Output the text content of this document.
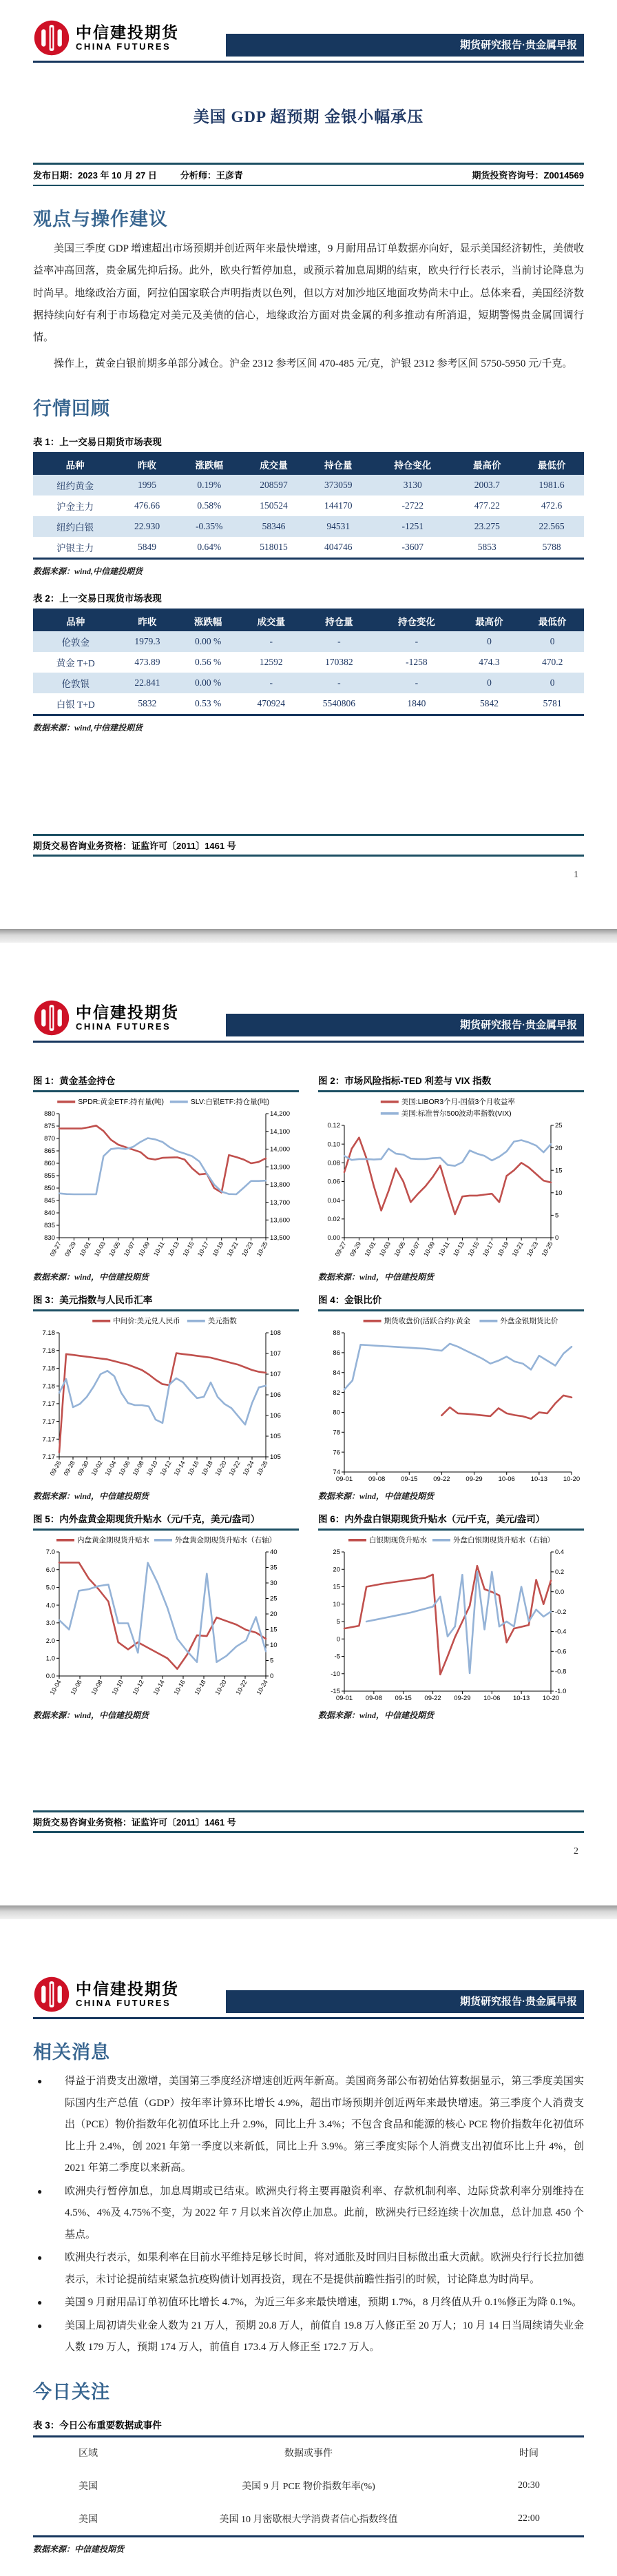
中信建投期货
CHINA FUTURES	期货研究报告·贵金属早报
美国 GDP 超预期 金银小幅承压
发布日期：2023 年 10 月 27 日	分析师：王彦青	期货投资咨询号：Z0014569
观点与操作建议

美国三季度 GDP 增速超出市场预期并创近两年来最快增速，9 月耐用品订单数据亦向好，显示美国经济韧性，美债收益率冲高回落，贵金属先抑后扬。此外，欧央行暂停加息，或预示着加息周期的结束，欧央行行长表示，当前讨论降息为时尚早。地缘政治方面，阿拉伯国家联合声明指责以色列，但以方对加沙地区地面攻势尚未中止。总体来看，美国经济数据持续向好有利于市场稳定对美元及美债的信心，地缘政治方面对贵金属的利多推动有所消退，短期警惕贵金属回调行情。

操作上，黄金白银前期多单部分减仓。沪金 2312 参考区间 470-485 元/克，沪银 2312 参考区间 5750-5950 元/千克。

行情回顾
表 1：上一交易日期货市场表现
品种	昨收	涨跌幅	成交量	持仓量	持仓变化	最高价	最低价
纽约黄金	1995	0.19%	208597	373059	3130	2003.7	1981.6
沪金主力	476.66	0.58%	150524	144170	-2722	477.22	472.6
纽约白银	22.930	-0.35%	58346	94531	-1251	23.275	22.565
沪银主力	5849	0.64%	518015	404746	-3607	5853	5788
数据来源：wind,中信建投期货
表 2：上一交易日现货市场表现
品种	昨收	涨跌幅	成交量	持仓量	持仓变化	最高价	最低价
伦敦金	1979.3	0.00 %	-	-	-	0	0
黄金 T+D	473.89	0.56 %	12592	170382	-1258	474.3	470.2
伦敦银	22.841	0.00 %	-	-	-	0	0
白银 T+D	5832	0.53 %	470924	5540806	1840	5842	5781
数据来源：wind,中信建投期货
期货交易咨询业务资格：证监许可〔2011〕1461 号
1
中信建投期货
CHINA FUTURES	期货研究报告·贵金属早报
图 1：黄金基金持仓	图 2：市场风险指标-TED 利差与 VIX 指数
SPDR:黄金ETF:持有量(吨)	SLV:白银ETF:持仓量(吨)
880
875
870
865
860
855
850
845
840
835
830
14,200
14,100
14,000
13,900
13,800
13,700
13,600
13,500
09-27 09-29 10-01 10-03 10-05 10-07 10-09 10-11 10-13 10-15 10-17 10-19 10-21 10-23 10-25
美国:LIBOR3个月-国债3个月收益率
美国:标准普尔500波动率指数(VIX)
0.12
0.10
0.08
0.06
0.04
0.02
0.00
25
20
15
10
5
0
09-27 09-29 10-01 10-03 10-05 10-07 10-09 10-11 10-13 10-15 10-17 10-19 10-21 10-23 10-25
数据来源：wind，中信建投期货	数据来源：wind，中信建投期货
图 3：美元指数与人民币汇率	图 4：金银比价
中间价:美元兑人民币	美元指数
7.18
7.18
7.18
7.18
7.17
7.17
7.17
7.17
108
107
107
106
106
105
105
09-26 09-28 09-30 10-02 10-04 10-06 10-08 10-10 10-12 10-14 10-16 10-18 10-20 10-22 10-24 10-26
期货收盘价(活跃合约):黄金	外盘金银期货比价
88
86
84
82
80
78
76
74
09-01 09-08 09-15 09-22 09-29 10-06 10-13 10-20
数据来源：wind，中信建投期货	数据来源：wind，中信建投期货
图 5：内外盘黄金期现货升贴水（元/千克，美元/盎司）	图 6：内外盘白银期现货升贴水（元/千克，美元/盎司）
内盘黄金期现货升贴水	外盘黄金期现货升贴水（右轴）
7.0
6.0
5.0
4.0
3.0
2.0
1.0
0.0
40
35
30
25
20
15
10
5
0
10-04 10-06 10-08 10-10 10-12 10-14 10-16 10-18 10-20 10-22 10-24
白银期现货升贴水	外盘白银期现货升贴水（右轴）
25
20
15
10
5
0
-5
-10
-15
0.4
0.2
0.0
-0.2
-0.4
-0.6
-0.8
-1.0
09-01 09-08 09-15 09-22 09-29 10-06 10-13 10-20
数据来源：wind，中信建投期货	数据来源：wind，中信建投期货
期货交易咨询业务资格：证监许可〔2011〕1461 号
2
中信建投期货
CHINA FUTURES	期货研究报告·贵金属早报
相关消息
●	得益于消费支出激增，美国第三季度经济增速创近两年新高。美国商务部公布初始估算数据显示，第三季度美国实际国内生产总值（GDP）按年率计算环比增长 4.9%，超出市场预期并创近两年来最快增速。第三季度个人消费支出（PCE）物价指数年化初值环比上升 2.9%，同比上升 3.4%；不包含食品和能源的核心 PCE 物价指数年化初值环比上升 2.4%，创 2021 年第一季度以来新低，同比上升 3.9%。第三季度实际个人消费支出初值环比上升 4%，创 2021 年第二季度以来新高。
●	欧洲央行暂停加息，加息周期或已结束。欧洲央行将主要再融资利率、存款机制利率、边际贷款利率分别维持在 4.5%、4%及 4.75%不变，为 2022 年 7 月以来首次停止加息。此前，欧洲央行已经连续十次加息，总计加息 450 个基点。
●	欧洲央行表示，如果利率在目前水平维持足够长时间，将对通胀及时回归目标做出重大贡献。欧洲央行行长拉加德表示，未讨论提前结束紧急抗疫购债计划再投资，现在不是提供前瞻性指引的时候，讨论降息为时尚早。
●	美国 9 月耐用品订单初值环比增长 4.7%，为近三年多来最快增速，预期 1.7%，8 月终值从升 0.1%修正为降 0.1%。
●	美国上周初请失业金人数为 21 万人，预期 20.8 万人，前值自 19.8 万人修正至 20 万人；10 月 14 日当周续请失业金人数 179 万人，预期 174 万人，前值自 173.4 万人修正至 172.7 万人。
今日关注
表 3：今日公布重要数据或事件
区域	数据或事件	时间
美国	美国 9 月 PCE 物价指数年率(%)	20:30
美国	美国 10 月密歇根大学消费者信心指数终值	22:00
数据来源：中信建投期货
